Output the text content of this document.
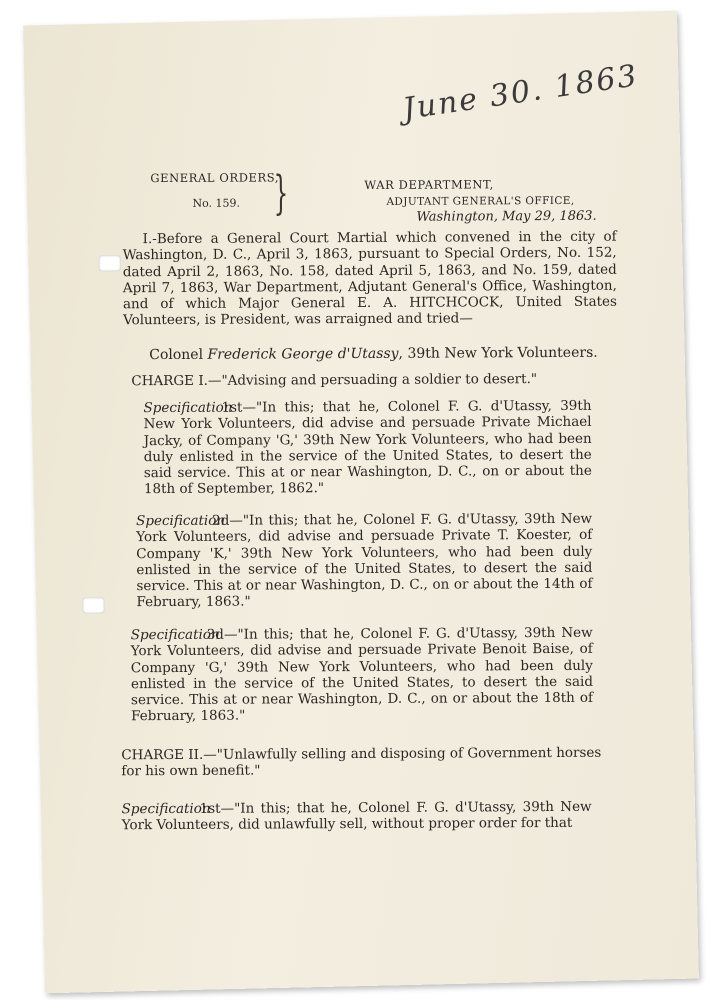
June 30. 1863
GENERAL ORDERS,
No. 159. }	WAR DEPARTMENT,
ADJUTANT GENERAL'S OFFICE,
Washington, May 29, 1863.
I.-Before a General Court Martial which convened in the city of Washington, D. C., April 3, 1863, pursuant to Special Orders, No. 152, dated April 2, 1863, No. 158, dated April 5, 1863, and No. 159, dated April 7, 1863, War Department, Adjutant General's Office, Washington, and of which Major General E. A. HITCHCOCK, United States Volunteers, is President, was arraigned and tried—
Colonel Frederick George d'Utassy, 39th New York Volunteers.
CHARGE I.—"Advising and persuading a soldier to desert."
Specification
1st—"In this; that he, Colonel F. G. d'Utassy, 39th New York Volunteers, did advise and persuade Private Michael Jacky, of Company 'G,' 39th New York Volunteers, who had been duly enlisted in the service of the United States, to desert the said service. This at or near Washington, D. C., on or about the 18th of September, 1862."
Specification
2d—"In this; that he, Colonel F. G. d'Utassy, 39th New York Volunteers, did advise and persuade Private T. Koester, of Company 'K,' 39th New York Volunteers, who had been duly enlisted in the service of the United States, to desert the said service. This at or near Washington, D. C., on or about the 14th of February, 1863."
Specification
3d—"In this; that he, Colonel F. G. d'Utassy, 39th New York Volunteers, did advise and persuade Private Benoit Baise, of Company 'G,' 39th New York Volunteers, who had been duly enlisted in the service of the United States, to desert the said service. This at or near Washington, D. C., on or about the 18th of February, 1863."
CHARGE II.—"Unlawfully selling and disposing of Government horses for his own benefit."
Specification
1st—"In this; that he, Colonel F. G. d'Utassy, 39th New York Volunteers, did unlawfully sell, without proper order for that
